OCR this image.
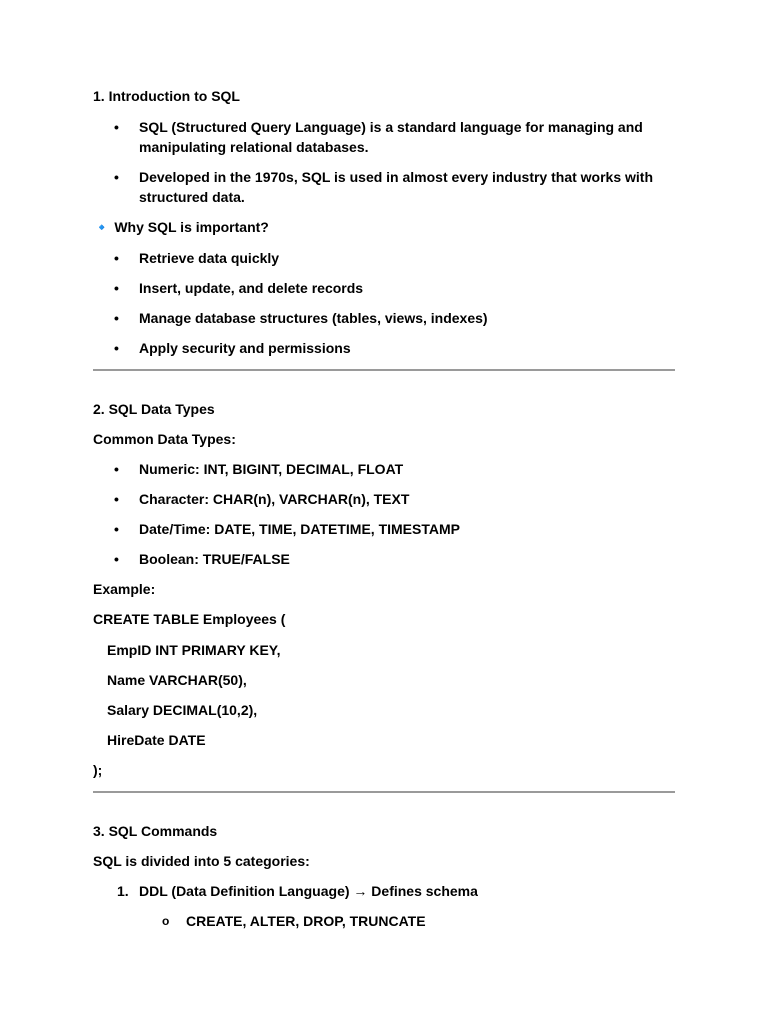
1. Introduction to SQL
• SQL (Structured Query Language) is a standard language for managing and
manipulating relational databases.
• Developed in the 1970s, SQL is used in almost every industry that works with
structured data.
🔹 Why SQL is important?
• Retrieve data quickly
• Insert, update, and delete records
• Manage database structures (tables, views, indexes)
• Apply security and permissions
2. SQL Data Types
Common Data Types:
• Numeric: INT, BIGINT, DECIMAL, FLOAT
• Character: CHAR(n), VARCHAR(n), TEXT
• Date/Time: DATE, TIME, DATETIME, TIMESTAMP
• Boolean: TRUE/FALSE
Example:
CREATE TABLE Employees (
EmpID INT PRIMARY KEY,
Name VARCHAR(50),
Salary DECIMAL(10,2),
HireDate DATE
);
3. SQL Commands
SQL is divided into 5 categories:
1. DDL (Data Definition Language) → Defines schema
o CREATE, ALTER, DROP, TRUNCATE
